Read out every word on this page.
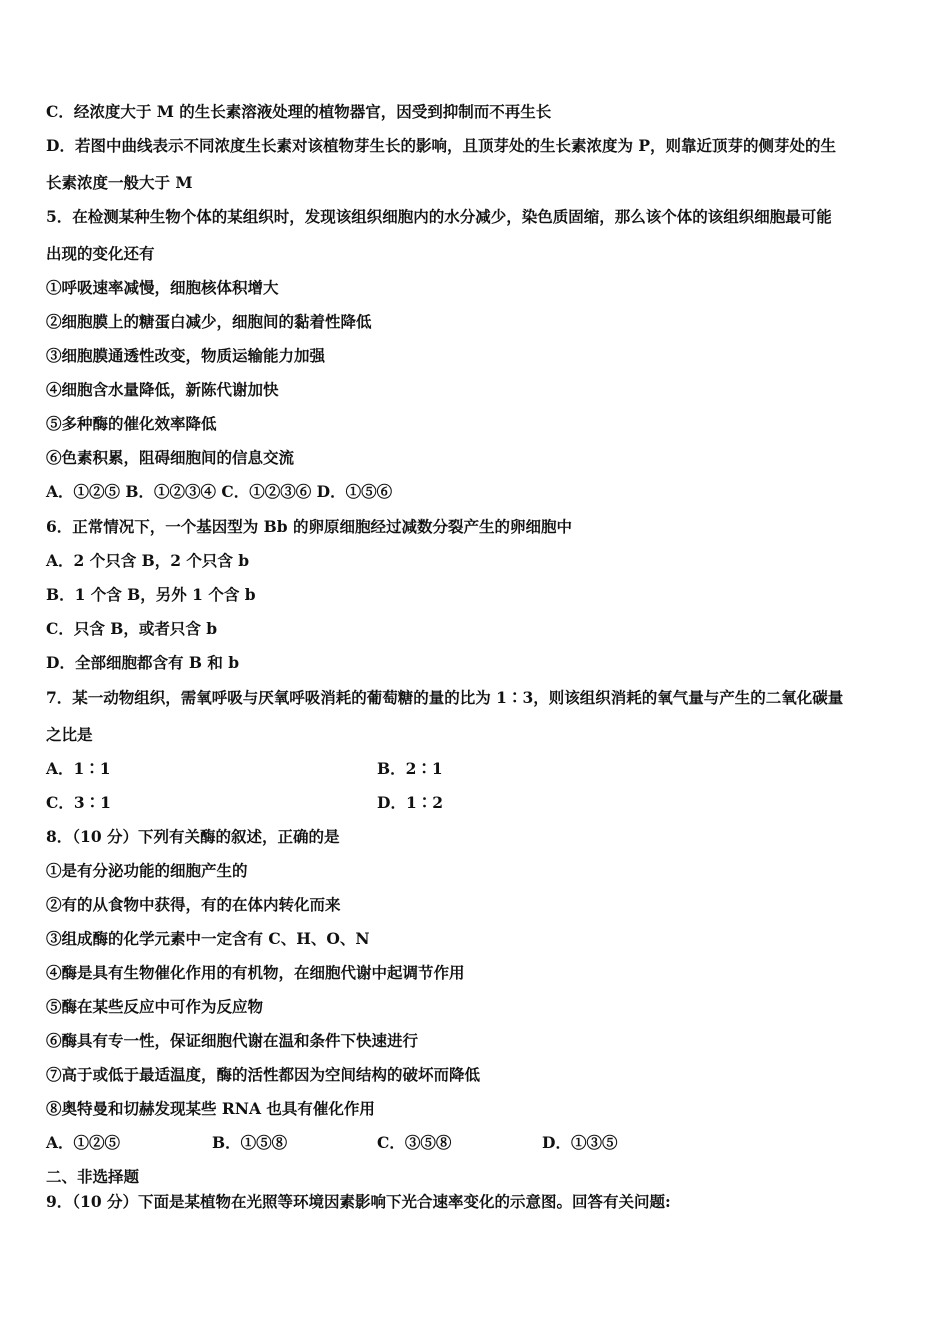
C．经浓度大于 M 的生长素溶液处理的植物器官，因受到抑制而不再生长
D．若图中曲线表示不同浓度生长素对该植物芽生长的影响，且顶芽处的生长素浓度为 P，则靠近顶芽的侧芽处的生
长素浓度一般大于 M
5．在检测某种生物个体的某组织时，发现该组织细胞内的水分减少，染色质固缩，那么该个体的该组织细胞最可能
出现的变化还有
①呼吸速率减慢，细胞核体积增大
②细胞膜上的糖蛋白减少，细胞间的黏着性降低
③细胞膜通透性改变，物质运输能力加强
④细胞含水量降低，新陈代谢加快
⑤多种酶的催化效率降低
⑥色素积累，阻碍细胞间的信息交流
A．①②⑤ B．①②③④ C．①②③⑥ D．①⑤⑥
6．正常情况下，一个基因型为 Bb 的卵原细胞经过减数分裂产生的卵细胞中
A．2 个只含 B，2 个只含 b
B．1 个含 B，另外 1 个含 b
C．只含 B，或者只含 b
D．全部细胞都含有 B 和 b
7．某一动物组织，需氧呼吸与厌氧呼吸消耗的葡萄糖的量的比为 1∶3，则该组织消耗的氧气量与产生的二氧化碳量
之比是
A．1∶1	B．2∶1
C．3∶1	D．1∶2
8．（10 分）下列有关酶的叙述，正确的是
①是有分泌功能的细胞产生的
②有的从食物中获得，有的在体内转化而来
③组成酶的化学元素中一定含有 C、H、O、N
④酶是具有生物催化作用的有机物，在细胞代谢中起调节作用
⑤酶在某些反应中可作为反应物
⑥酶具有专一性，保证细胞代谢在温和条件下快速进行
⑦高于或低于最适温度，酶的活性都因为空间结构的破坏而降低
⑧奥特曼和切赫发现某些 RNA 也具有催化作用
A．①②⑤	B．①⑤⑧	C．③⑤⑧	D．①③⑤
二、非选择题
9．（10 分）下面是某植物在光照等环境因素影响下光合速率变化的示意图。回答有关问题:
